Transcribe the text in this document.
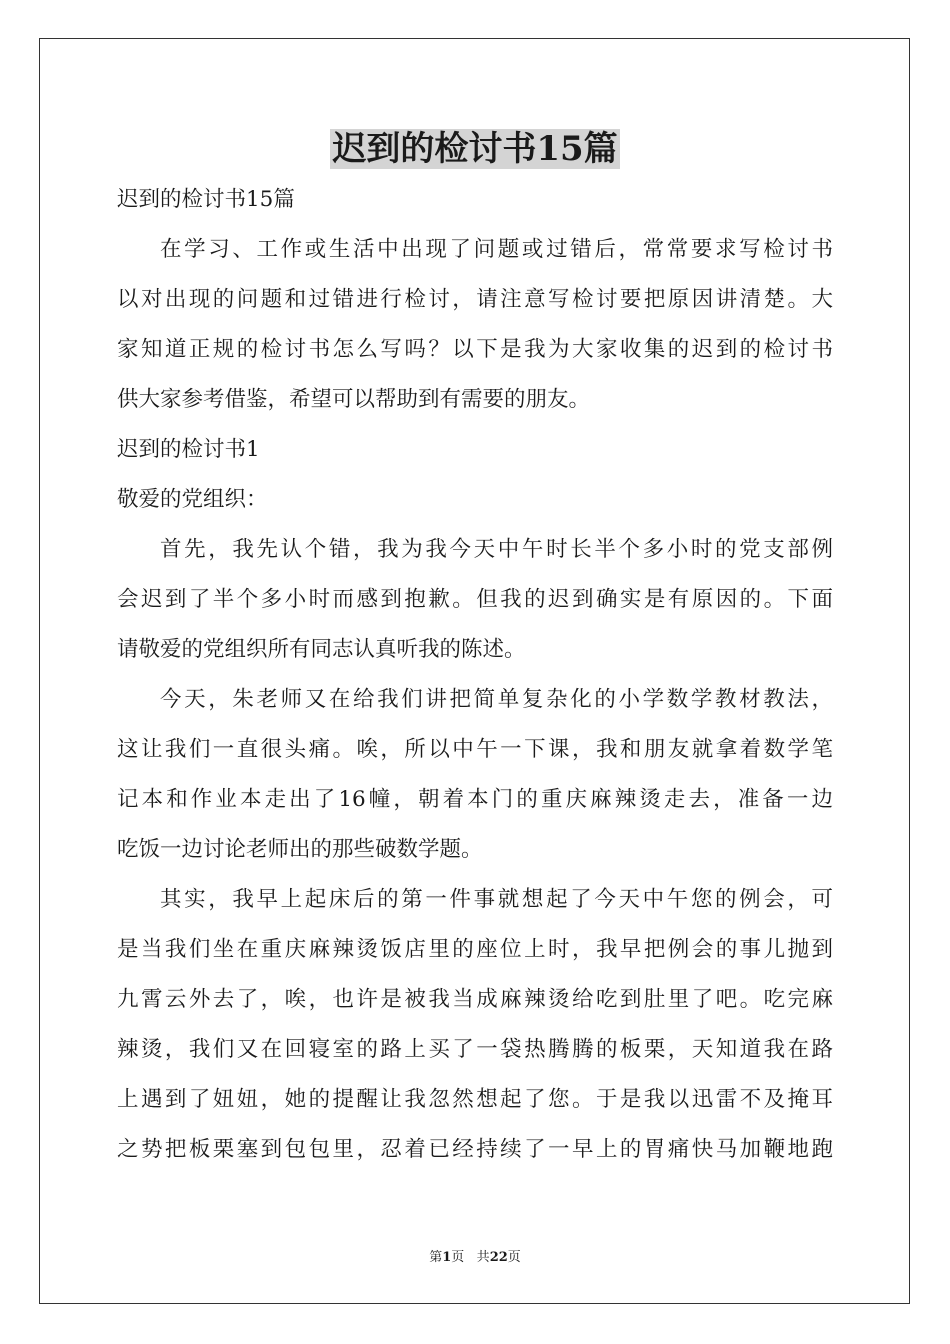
迟到的检讨书15篇

迟到的检讨书15篇

在学习、工作或生活中出现了问题或过错后，常常要求写检讨书

以对出现的问题和过错进行检讨，请注意写检讨要把原因讲清楚。大

家知道正规的检讨书怎么写吗？以下是我为大家收集的迟到的检讨书

供大家参考借鉴，希望可以帮助到有需要的朋友。

迟到的检讨书1

敬爱的党组织：

首先，我先认个错，我为我今天中午时长半个多小时的党支部例

会迟到了半个多小时而感到抱歉。但我的迟到确实是有原因的。下面

请敬爱的党组织所有同志认真听我的陈述。

今天，朱老师又在给我们讲把简单复杂化的小学数学教材教法，

这让我们一直很头痛。唉，所以中午一下课，我和朋友就拿着数学笔

记本和作业本走出了16幢，朝着本门的重庆麻辣烫走去，准备一边

吃饭一边讨论老师出的那些破数学题。

其实，我早上起床后的第一件事就想起了今天中午您的例会，可

是当我们坐在重庆麻辣烫饭店里的座位上时，我早把例会的事儿抛到

九霄云外去了，唉，也许是被我当成麻辣烫给吃到肚里了吧。吃完麻

辣烫，我们又在回寝室的路上买了一袋热腾腾的板栗，天知道我在路

上遇到了妞妞，她的提醒让我忽然想起了您。于是我以迅雷不及掩耳

之势把板栗塞到包包里，忍着已经持续了一早上的胃痛快马加鞭地跑

第1页 共22页
